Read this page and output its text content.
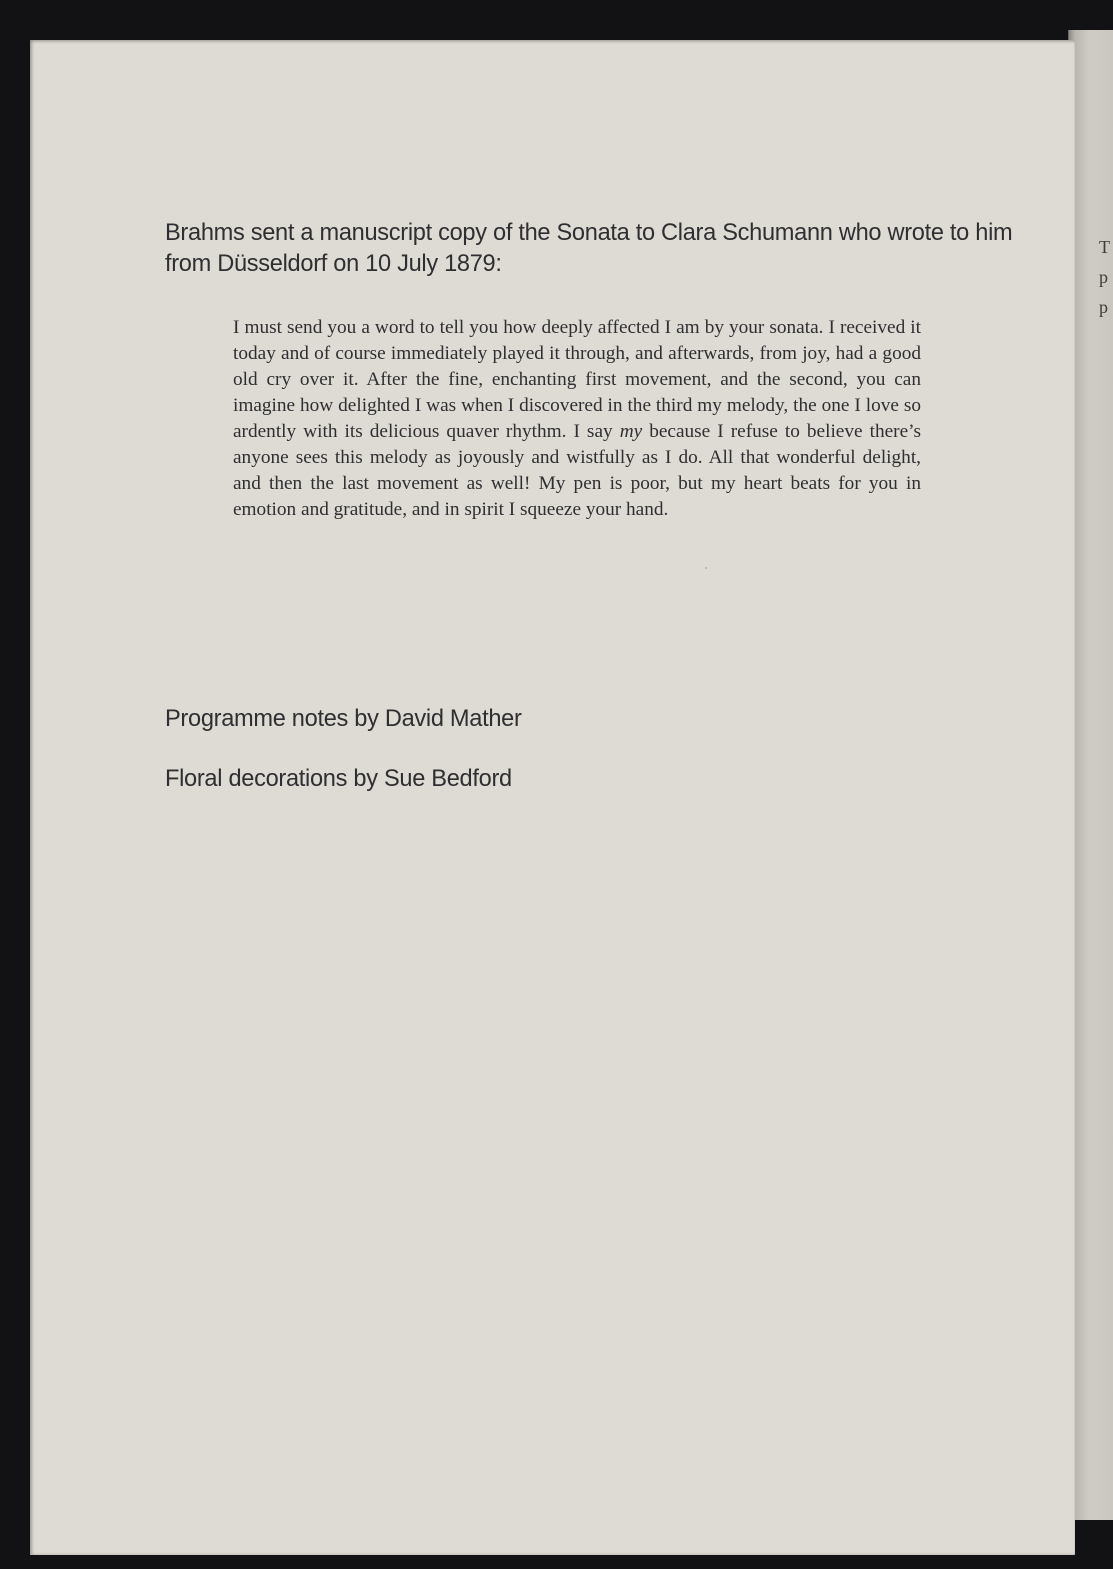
T
p
p

Brahms sent a manuscript copy of the Sonata to Clara Schumann who wrote to him from Düsseldorf on 10 July 1879:

I must send you a word to tell you how deeply affected I am by your sonata. I received it today and of course immediately played it through, and afterwards, from joy, had a good old cry over it. After the fine, enchanting first movement, and the second, you can imagine how delighted I was when I discovered in the third my melody, the one I love so ardently with its delicious quaver rhythm. I say my because I refuse to believe there’s anyone sees this melody as joyously and wistfully as I do. All that wonderful delight, and then the last movement as well! My pen is poor, but my heart beats for you in emotion and gratitude, and in spirit I squeeze your hand.

Programme notes by David Mather

Floral decorations by Sue Bedford
